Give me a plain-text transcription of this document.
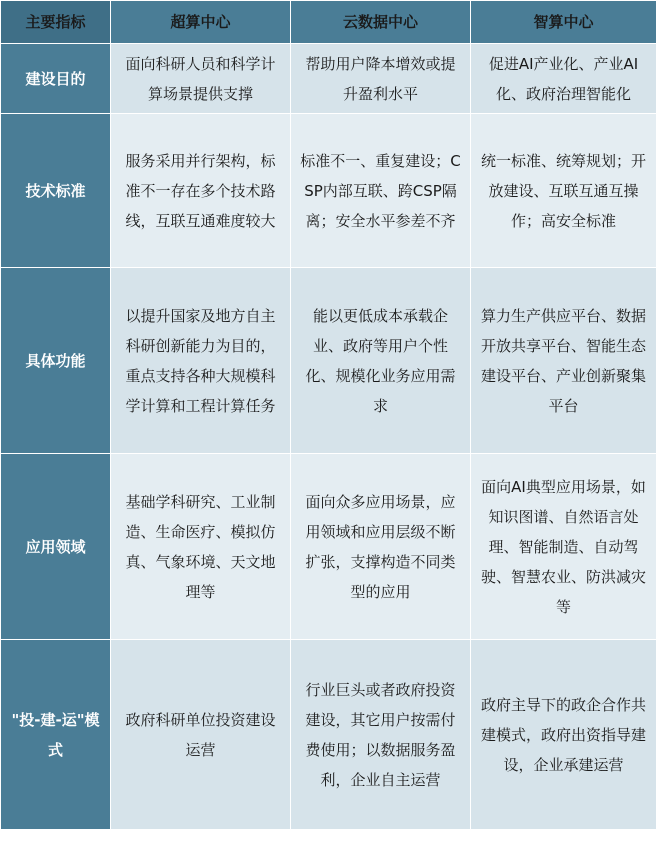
主要指标	超算中心	云数据中心	智算中心
建设目的	面向科研人员和科学计算场景提供支撑	帮助用户降本增效或提升盈利水平	促进AI产业化、产业AI化、政府治理智能化
技术标准	服务采用并行架构，标准不一存在多个技术路线，互联互通难度较大	标准不一、重复建设；CSP内部互联、跨CSP隔离；安全水平参差不齐	统一标准、统筹规划；开放建设、互联互通互操作；高安全标准
具体功能	以提升国家及地方自主科研创新能力为目的，重点支持各种大规模科学计算和工程计算任务	能以更低成本承载企业、政府等用户个性化、规模化业务应用需求	算力生产供应平台、数据开放共享平台、智能生态建设平台、产业创新聚集平台
应用领域	基础学科研究、工业制造、生命医疗、模拟仿真、气象环境、天文地理等	面向众多应用场景，应用领域和应用层级不断扩张，支撑构造不同类型的应用	面向AI典型应用场景，如知识图谱、自然语言处理、智能制造、自动驾驶、智慧农业、防洪减灾等
"投-建-运"模式	政府科研单位投资建设运营	行业巨头或者政府投资建设，其它用户按需付费使用；以数据服务盈利，企业自主运营	政府主导下的政企合作共建模式，政府出资指导建设，企业承建运营
